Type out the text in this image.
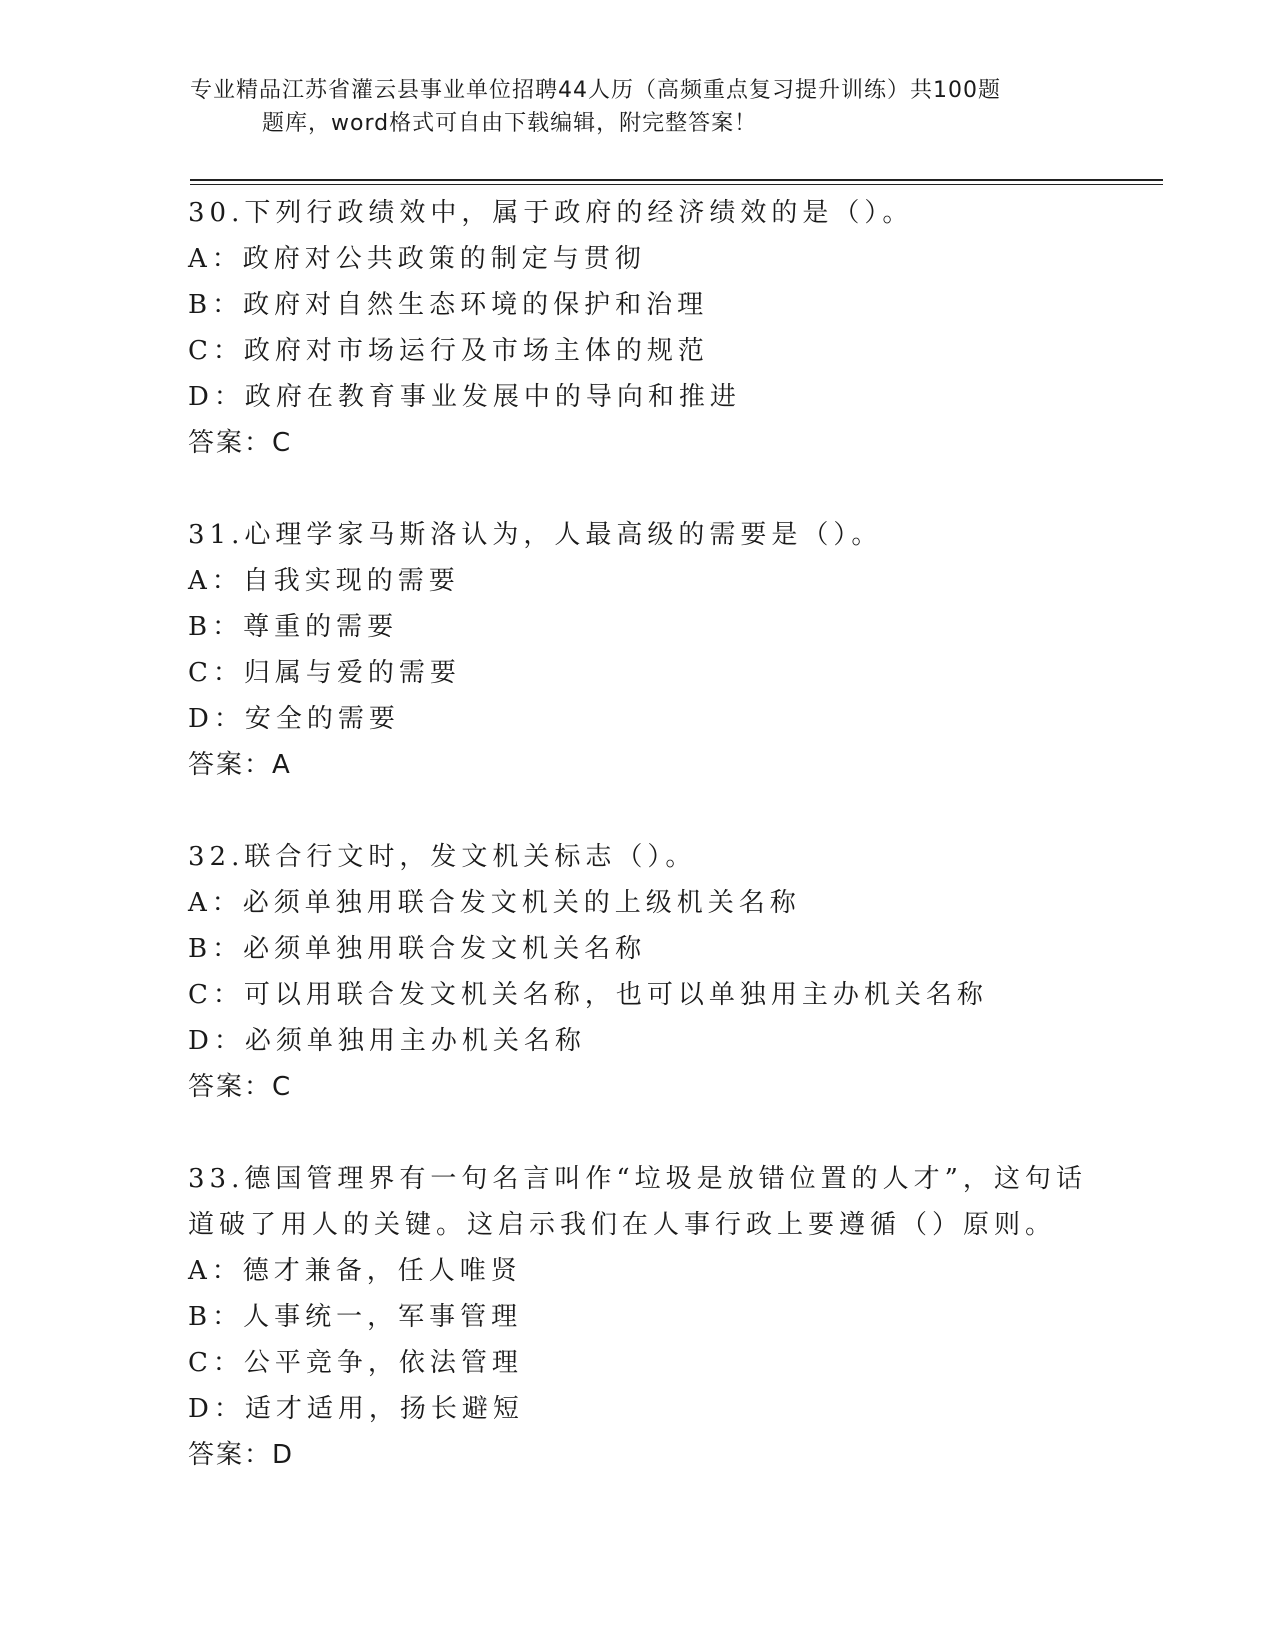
专业精品江苏省灌云县事业单位招聘44人历（高频重点复习提升训练）共100题
题库，word格式可自由下载编辑，附完整答案！
30.下列行政绩效中，属于政府的经济绩效的是（）。
A：政府对公共政策的制定与贯彻
B：政府对自然生态环境的保护和治理
C：政府对市场运行及市场主体的规范
D：政府在教育事业发展中的导向和推进
答案：C
31.心理学家马斯洛认为，人最高级的需要是（）。
A：自我实现的需要
B：尊重的需要
C：归属与爱的需要
D：安全的需要
答案：A
32.联合行文时，发文机关标志（）。
A：必须单独用联合发文机关的上级机关名称
B：必须单独用联合发文机关名称
C：可以用联合发文机关名称，也可以单独用主办机关名称
D：必须单独用主办机关名称
答案：C
33.德国管理界有一句名言叫作“垃圾是放错位置的人才”，这句话道破了用人的关键。这启示我们在人事行政上要遵循（）原则。
A：德才兼备，任人唯贤
B：人事统一，军事管理
C：公平竞争，依法管理
D：适才适用，扬长避短
答案：D
